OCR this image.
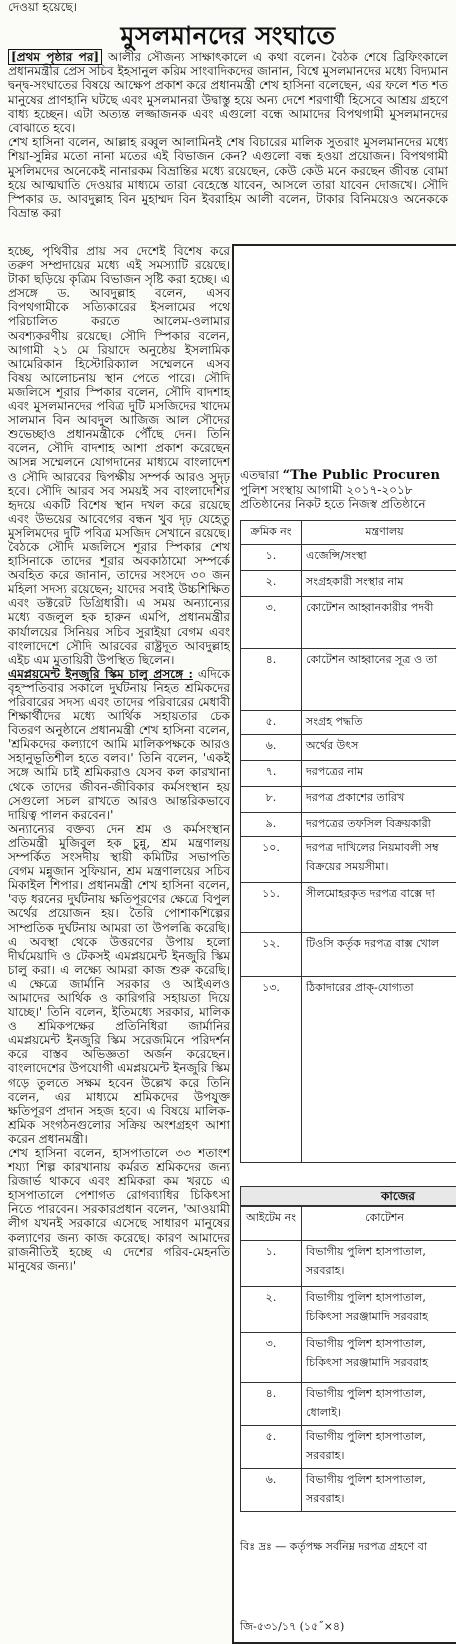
দেওয়া হয়েছে।
মুসলমানদের সংঘাতে

[প্রথম পৃষ্ঠার পর] আলীর সৌজন্য সাক্ষাৎকালে এ কথা বলেন। বৈঠক শেষে ব্রিফিংকালে প্রধানমন্ত্রীর প্রেস সচিব ইহসানুল করিম সাংবাদিকদের জানান, বিশ্বে মুসলমানদের মধ্যে বিদ্যমান দ্বন্দ্ব-সংঘাতের বিষয়ে আক্ষেপ প্রকাশ করে প্রধানমন্ত্রী শেখ হাসিনা বলেছেন, এর ফলে শত শত মানুষের প্রাণহানি ঘটছে এবং মুসলমানরা উদ্বাস্তু হয়ে অন্য দেশে শরণার্থী হিসেবে আশ্রয় গ্রহণে বাধ্য হচ্ছেন। এটা অত্যন্ত লজ্জাজনক এবং এগুলো বন্ধে আমাদের বিপথগামী মুসলমানদের বোঝাতে হবে।

শেখ হাসিনা বলেন, আল্লাহ রব্বুল আলামিনই শেষ বিচারের মালিক সুতরাং মুসলমানদের মধ্যে শিয়া-সুন্নির মতো নানা মতের এই বিভাজন কেন? এগুলো বন্ধ হওয়া প্রয়োজন। বিপথগামী মুসলিমদের অনেকেই নানারকম বিভ্রান্তির মধ্যে রয়েছেন, কেউ কেউ মনে করছেন জীবন্ত বোমা হয়ে আত্মঘাতি দেওয়ার মাধ্যমে তারা বেহেস্তে যাবেন, আসলে তারা যাবেন দোজখে। সৌদি স্পিকার ড. আবদুল্লাহ বিন মুহাম্মদ বিন ইবরাহিম আলী বলেন, টাকার বিনিময়েও অনেককে বিভ্রান্ত করা

হচ্ছে, পৃথিবীর প্রায় সব দেশেই বিশেষ করে তরুণ সম্প্রদায়ের মধ্যে এই সমস্যাটি রয়েছে। টাকা ছড়িয়ে কৃত্রিম বিভাজন সৃষ্টি করা হচ্ছে। এ প্রসঙ্গে ড. আবদুল্লাহ বলেন, এসব বিপথগামীকে সত্যিকারের ইসলামের পথে পরিচালিত করতে আলেম-ওলামার অবশ্যকরণীয় রয়েছে। সৌদি স্পিকার বলেন, আগামী ২১ মে রিয়াদে অনুষ্ঠেয় ইসলামিক আমেরিকান হিস্টোরিক্যাল সম্মেলনে এসব বিষয় আলোচনায় স্থান পেতে পারে। সৌদি মজলিসে শূরার স্পিকার বলেন, সৌদি বাদশাহ এবং মুসলমানদের পবিত্র দুটি মসজিদের খাদেম সালমান বিন আবদুল আজিজ আল সৌদের শুভেচ্ছাও প্রধানমন্ত্রীকে পৌঁছে দেন। তিনি বলেন, সৌদি বাদশাহ আশা প্রকাশ করেছেন আসন্ন সম্মেলনে যোগদানের মাধ্যমে বাংলাদেশ ও সৌদি আরবের দ্বিপক্ষীয় সম্পর্ক আরও সুদৃঢ় হবে। সৌদি আরব সব সময়ই সব বাংলাদেশির হৃদয়ে একটি বিশেষ স্থান দখল করে রয়েছে এবং উভয়ের আবেগের বন্ধন খুব দৃঢ় যেহেতু মুসলিমদের দুটি পবিত্র মসজিদ সেখানে রয়েছে। বৈঠকে সৌদি মজলিসে শূরার স্পিকার শেখ হাসিনাকে তাদের শূরার অবকাঠামো সম্পর্কে অবহিত করে জানান, তাদের সংসদে ৩০ জন মহিলা সদস্য রয়েছেন; যাদের সবাই উচ্চশিক্ষিত এবং ডক্টরেট ডিগ্রিধারী। এ সময় অন্যান্যের মধ্যে বজলুল হক হারুন এমপি, প্রধানমন্ত্রীর কার্যালয়ের সিনিয়র সচিব সুরাইয়া বেগম এবং বাংলাদেশে সৌদি আরবের রাষ্ট্রদূত আবদুল্লাহ এইচ এম মুতায়িরী উপস্থিত ছিলেন।

এমপ্লয়মেন্ট ইনজুরি স্কিম চালু প্রসঙ্গে : এদিকে বৃহস্পতিবার সকালে দুর্ঘটনায় নিহত শ্রমিকদের পরিবারের সদস্য এবং তাদের পরিবারের মেধাবী শিক্ষার্থীদের মধ্যে আর্থিক সহায়তার চেক বিতরণ অনুষ্ঠানে প্রধানমন্ত্রী শেখ হাসিনা বলেন, 'শ্রমিকদের কল্যাণে আমি মালিকপক্ষকে আরও সহানুভূতিশীল হতে বলব।' তিনি বলেন, 'একই সঙ্গে আমি চাই শ্রমিকরাও যেসব কল কারখানা থেকে তাদের জীবন-জীবিকার কর্মসংস্থান হয় সেগুলো সচল রাখতে আরও আন্তরিকভাবে দায়িত্ব পালন করবেন।'

অন্যান্যের বক্তব্য দেন শ্রম ও কর্মসংস্থান প্রতিমন্ত্রী মুজিবুল হক চুন্নু, শ্রম মন্ত্রণালয় সম্পর্কিত সংসদীয় স্থায়ী কমিটির সভাপতি বেগম মন্নুজান সুফিয়ান, শ্রম মন্ত্রণালয়ের সচিব মিকাইল শিপার। প্রধানমন্ত্রী শেখ হাসিনা বলেন, 'বড় ধরনের দুর্ঘটনায় ক্ষতিপূরণের ক্ষেত্রে বিপুল অর্থের প্রয়োজন হয়। তৈরি পোশাকশিল্পের সাম্প্রতিক দুর্ঘটনায় আমরা তা উপলব্ধি করেছি। এ অবস্থা থেকে উত্তরণের উপায় হলো দীর্ঘমেয়াদি ও টেকসই এমপ্লয়মেন্ট ইনজুরি স্কিম চালু করা। এ লক্ষ্যে আমরা কাজ শুরু করেছি। এ ক্ষেত্রে জার্মানি সরকার ও আইএলও আমাদের আর্থিক ও কারিগরি সহায়তা দিয়ে যাচ্ছে।' তিনি বলেন, ইতিমধ্যে সরকার, মালিক ও শ্রমিকপক্ষের প্রতিনিধিরা জার্মানির এমপ্লয়মেন্ট ইনজুরি স্কিম সরেজমিনে পরিদর্শন করে বাস্তব অভিজ্ঞতা অর্জন করেছেন। বাংলাদেশের উপযোগী এমপ্লয়মেন্ট ইনজুরি স্কিম গড়ে তুলতে সক্ষম হবেন উল্লেখ করে তিনি বলেন, এর মাধ্যমে শ্রমিকদের উপযুক্ত ক্ষতিপূরণ প্রদান সহজ হবে। এ বিষয়ে মালিক-শ্রমিক সংগঠনগুলোর সক্রিয় অংশগ্রহণ আশা করেন প্রধানমন্ত্রী।

শেখ হাসিনা বলেন, হাসপাতালে ৩৩ শতাংশ শয্যা শিল্প কারখানায় কর্মরত শ্রমিকদের জন্য রিজার্ভ থাকবে এবং শ্রমিকরা কম খরচে এ হাসপাতালে পেশাগত রোগব্যাধির চিকিৎসা নিতে পারবেন। সরকারপ্রধান বলেন, 'আওয়ামী লীগ যখনই সরকারে এসেছে সাধারণ মানুষের কল্যাণের জন্য কাজ করেছে। কারণ আমাদের রাজনীতিই হচ্ছে এ দেশের গরিব-মেহনতি মানুষের জন্য।'

এতদ্বারা “The Public Procuren
পুলিশ সংস্থায় আগামী ২০১৭-২০১৮
প্রতিষ্ঠানের নিকট হতে নিজস্ব প্রতিষ্ঠানে
ক্রমিক নং	মন্ত্রণালয়
১.	এজেন্সি/সংস্থা
২.	সংগ্রহকারী সংস্থার নাম
৩.	কোটেশন আহ্বানকারীর পদবী
৪.	কোটেশন আহ্বানের সূত্র ও তা
৫.	সংগ্রহ পদ্ধতি
৬.	অর্থের উৎস
৭.	দরপত্রের নাম
৮.	দরপত্র প্রকাশের তারিখ
৯.	দরপত্রের তফসিল বিক্রয়কারী
১০.	দরপত্র দাখিলের নিয়মাবলী সম্ব বিক্রয়ের সময়সীমা।
১১.	সীলমোহরকৃত দরপত্র বাক্সে দা
১২.	টিওসি কর্তৃক দরপত্র বাক্স খোল
১৩.	ঠিকাদারের প্রাক্-যোগ্যতা
কাজের
আইটেম নং	কোটেশন
১.	বিভাগীয় পুলিশ হাসপাতাল, সরবরাহ।
২.	বিভাগীয় পুলিশ হাসপাতাল, চিকিৎসা সরঞ্জামাদি সরবরাহ
৩.	বিভাগীয় পুলিশ হাসপাতাল, চিকিৎসা সরঞ্জামাদি সরবরাহ
৪.	বিভাগীয় পুলিশ হাসপাতাল, ধোলাই।
৫.	বিভাগীয় পুলিশ হাসপাতাল, সরবরাহ।
৬.	বিভাগীয় পুলিশ হাসপাতাল, সরবরাহ।
বিঃ দ্রঃ — কর্তৃপক্ষ সর্বনিম্ন দরপত্র গ্রহণে বা
জি-৫৩১/১৭ (১৫˝×৪)
